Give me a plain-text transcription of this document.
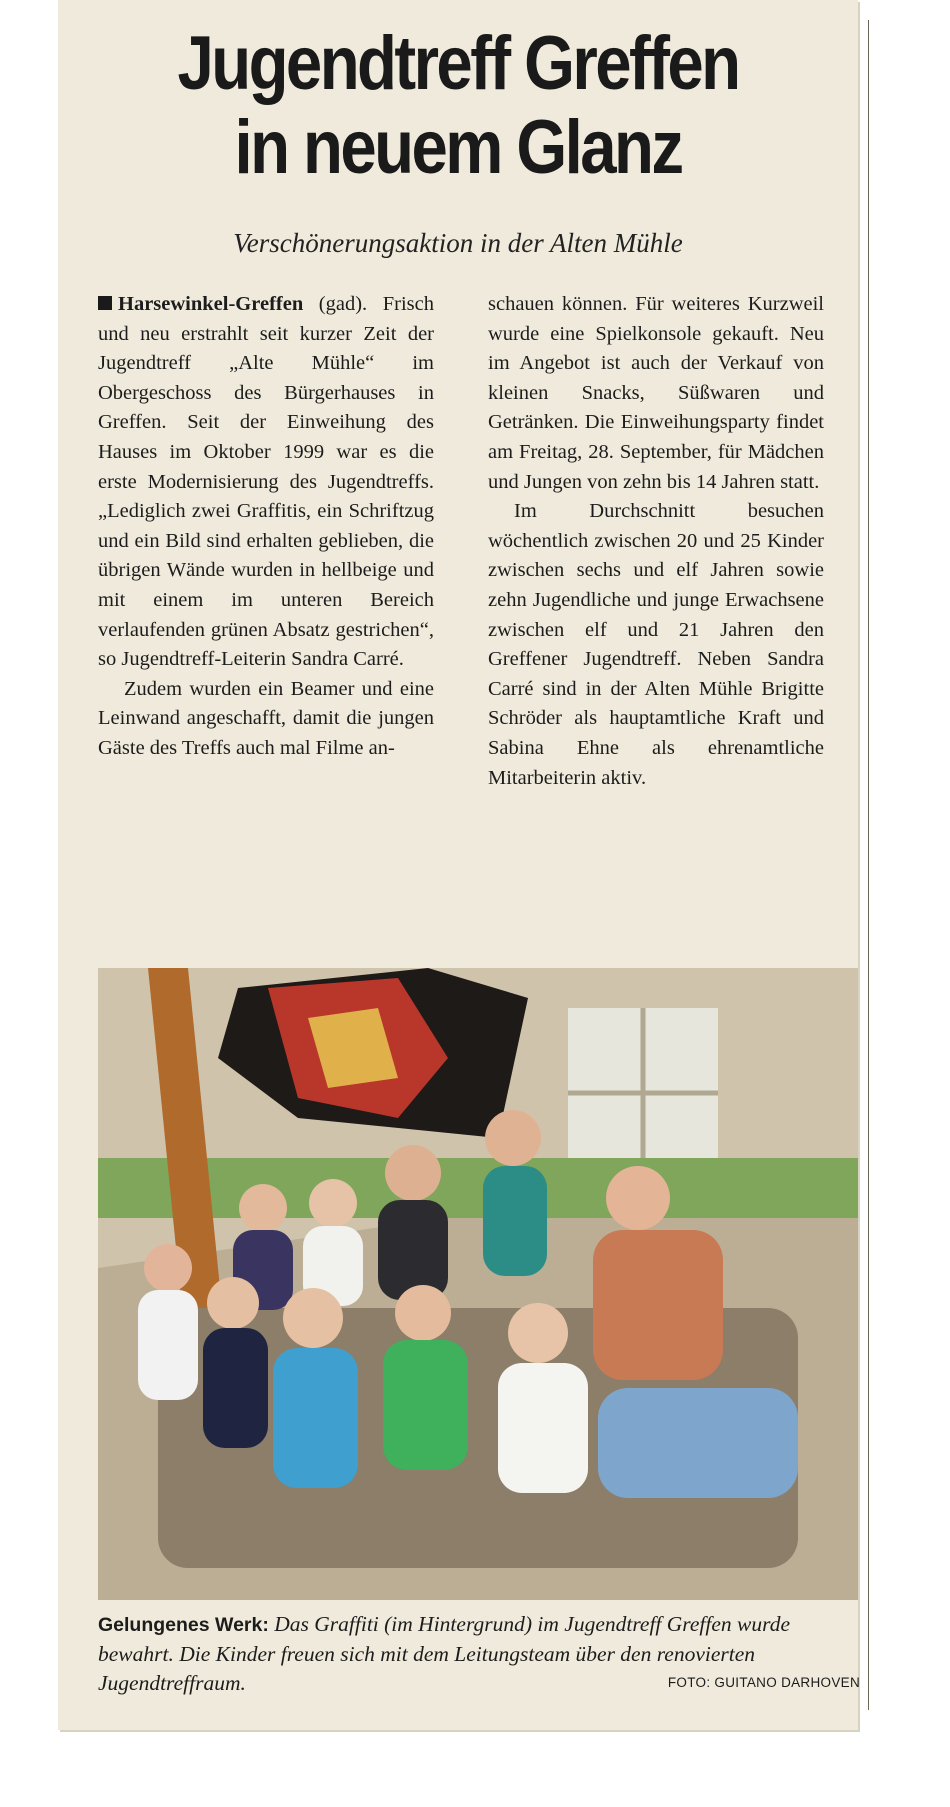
Jugendtreff Greffen
in neuem Glanz
Verschönerungsaktion in der Alten Mühle

Harsewinkel-Greffen (gad). Frisch und neu erstrahlt seit kurzer Zeit der Jugendtreff „Alte Mühle“ im Obergeschoss des Bürgerhauses in Greffen. Seit der Einweihung des Hauses im Oktober 1999 war es die erste Modernisierung des Jugendtreffs. „Lediglich zwei Graffitis, ein Schriftzug und ein Bild sind erhalten geblieben, die übrigen Wände wurden in hellbeige und mit einem im unteren Bereich verlaufenden grünen Absatz gestrichen“, so Jugendtreff-Leiterin Sandra Carré.

Zudem wurden ein Beamer und eine Leinwand angeschafft, damit die jungen Gäste des Treffs auch mal Filme an-

schauen können. Für weiteres Kurzweil wurde eine Spielkonsole gekauft. Neu im Angebot ist auch der Verkauf von kleinen Snacks, Süßwaren und Getränken. Die Einweihungsparty findet am Freitag, 28. September, für Mädchen und Jungen von zehn bis 14 Jahren statt.

Im Durchschnitt besuchen wöchentlich zwischen 20 und 25 Kinder zwischen sechs und elf Jahren sowie zehn Jugendliche und junge Erwachsene zwischen elf und 21 Jahren den Greffener Jugendtreff. Neben Sandra Carré sind in der Alten Mühle Brigitte Schröder als hauptamtliche Kraft und Sabina Ehne als ehrenamtliche Mitarbeiterin aktiv.

Gelungenes Werk: Das Graffiti (im Hintergrund) im Jugendtreff Greffen wurde bewahrt. Die Kinder freuen sich mit dem Leitungsteam über den renovierten Jugendtreffraum.	FOTO: GUITANO DARHOVEN
